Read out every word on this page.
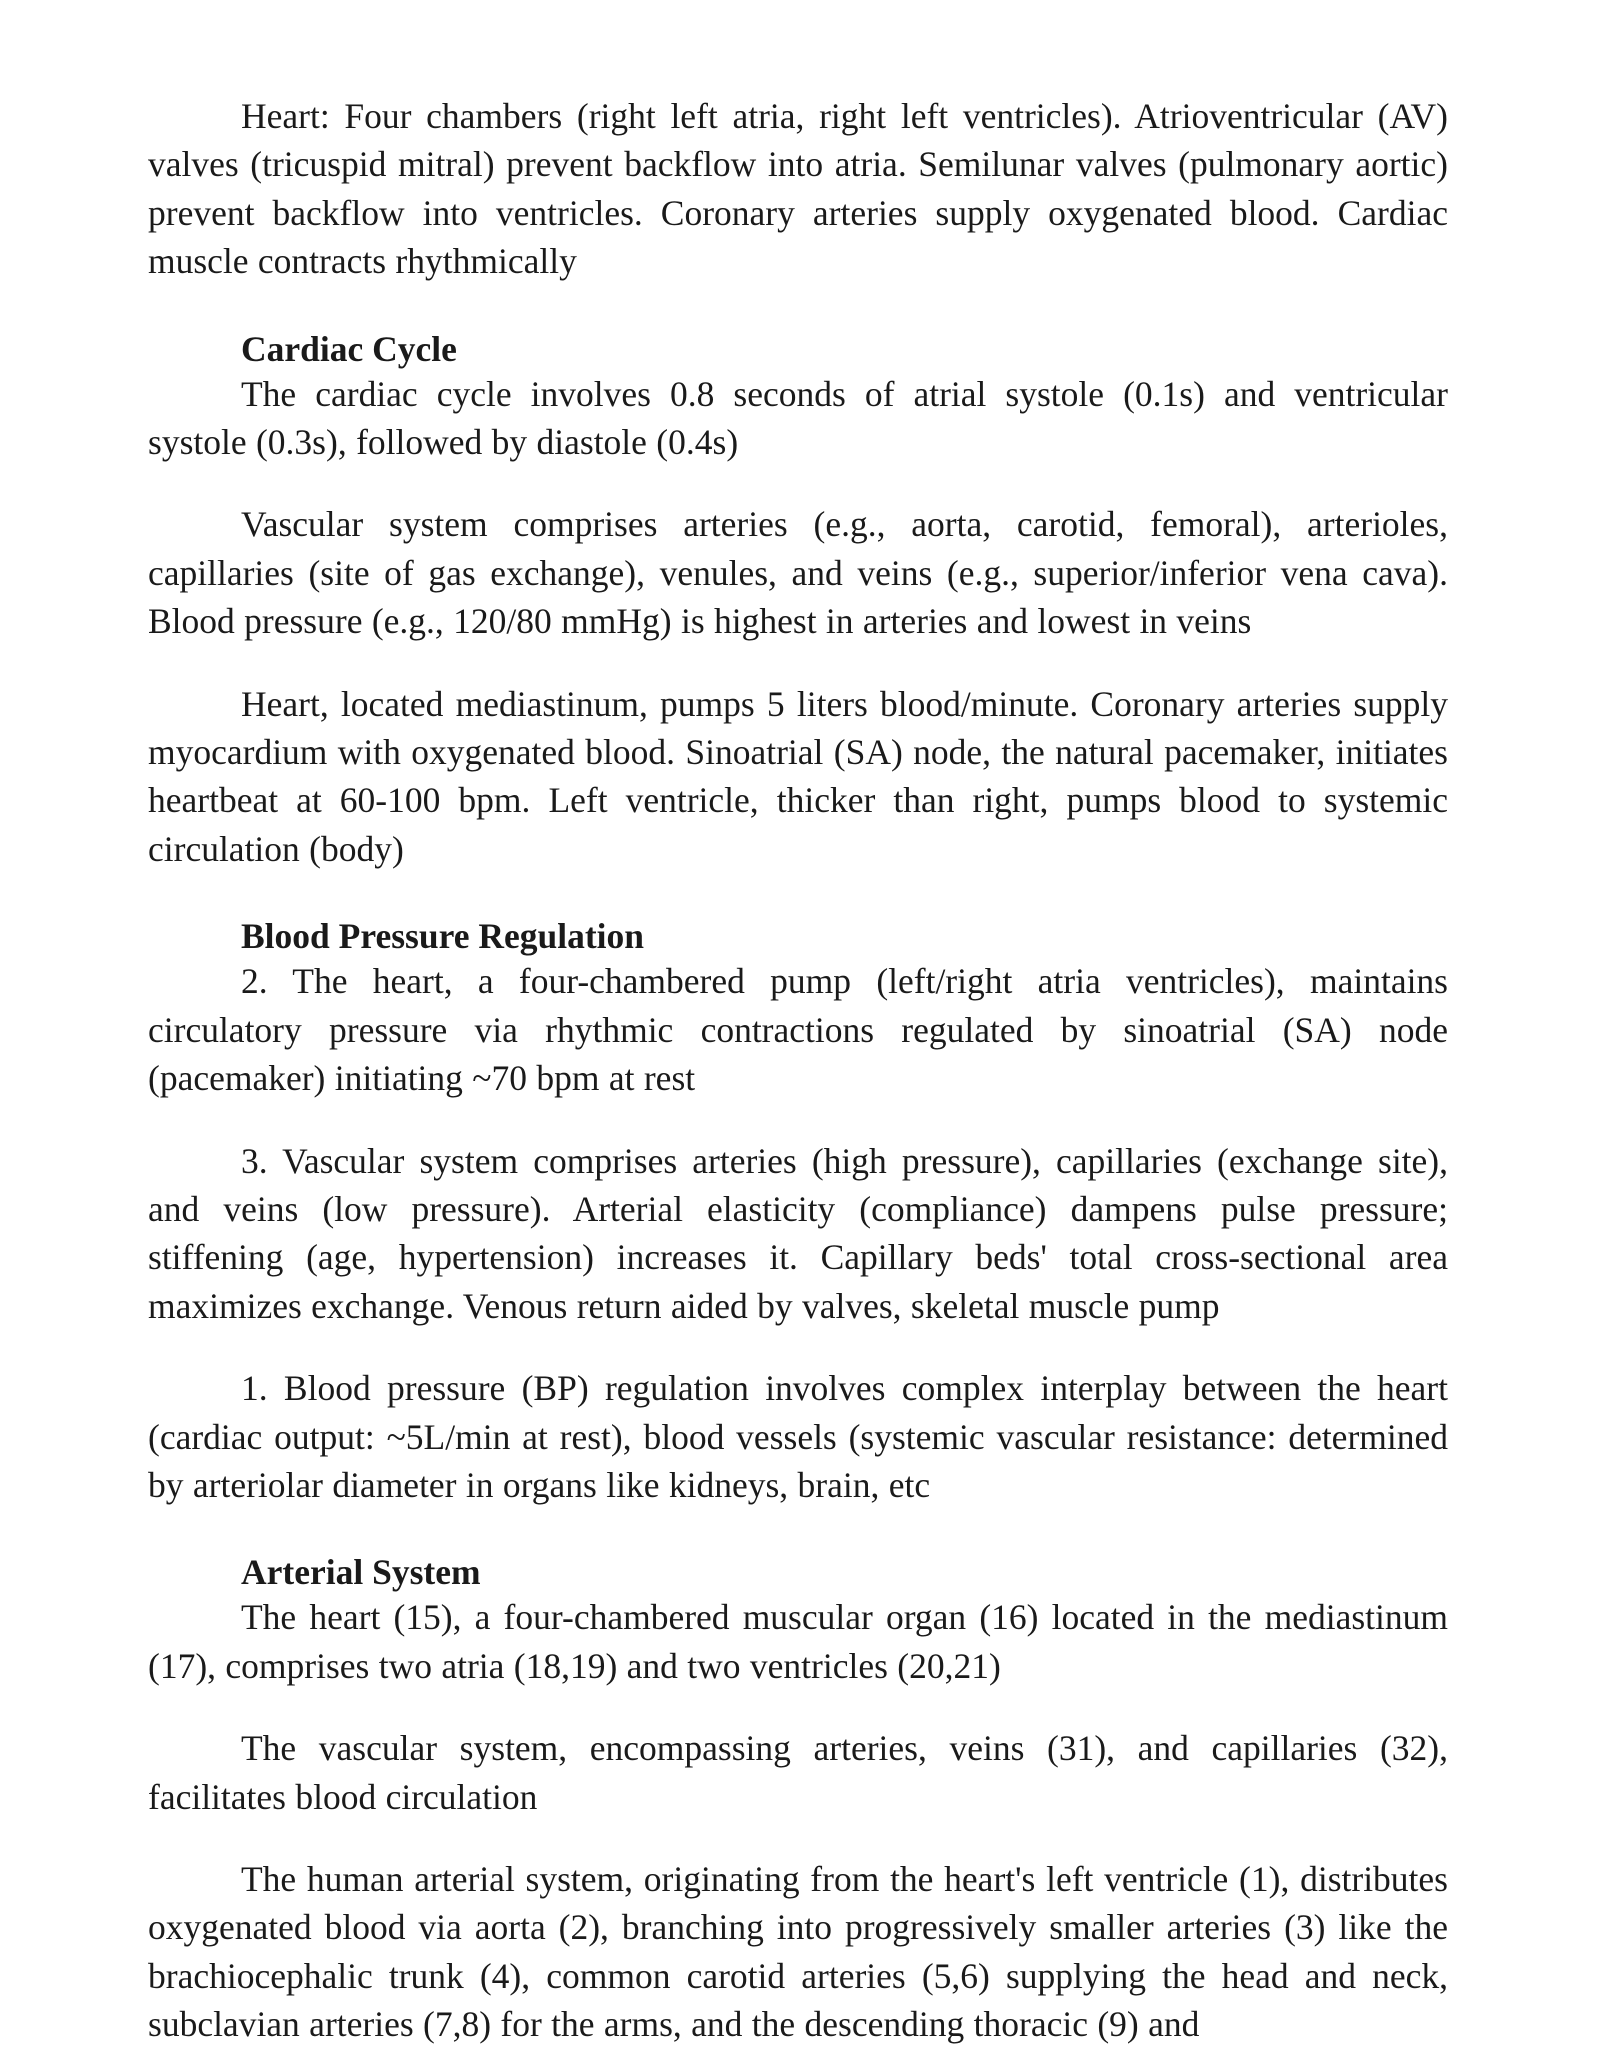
Heart: Four chambers (right left atria, right left ventricles). Atrioventricular (AV) valves (tricuspid mitral) prevent backflow into atria. Semilunar valves (pulmonary aortic) prevent backflow into ventricles. Coronary arteries supply oxygenated blood. Cardiac muscle contracts rhythmically

Cardiac Cycle

The cardiac cycle involves 0.8 seconds of atrial systole (0.1s) and ventricular systole (0.3s), followed by diastole (0.4s)

Vascular system comprises arteries (e.g., aorta, carotid, femoral), arterioles, capillaries (site of gas exchange), venules, and veins (e.g., superior/inferior vena cava). Blood pressure (e.g., 120/80 mmHg) is highest in arteries and lowest in veins

Heart, located mediastinum, pumps 5 liters blood/minute. Coronary arteries supply myocardium with oxygenated blood. Sinoatrial (SA) node, the natural pacemaker, initiates heartbeat at 60-100 bpm. Left ventricle, thicker than right, pumps blood to systemic circulation (body)

Blood Pressure Regulation

2. The heart, a four-chambered pump (left/right atria ventricles), maintains circulatory pressure via rhythmic contractions regulated by sinoatrial (SA) node (pacemaker) initiating ~70 bpm at rest

3. Vascular system comprises arteries (high pressure), capillaries (exchange site), and veins (low pressure). Arterial elasticity (compliance) dampens pulse pressure; stiffening (age, hypertension) increases it. Capillary beds' total cross-sectional area maximizes exchange. Venous return aided by valves, skeletal muscle pump

1. Blood pressure (BP) regulation involves complex interplay between the heart (cardiac output: ~5L/min at rest), blood vessels (systemic vascular resistance: determined by arteriolar diameter in organs like kidneys, brain, etc

Arterial System

The heart (15), a four-chambered muscular organ (16) located in the mediastinum (17), comprises two atria (18,19) and two ventricles (20,21)

The vascular system, encompassing arteries, veins (31), and capillaries (32), facilitates blood circulation

The human arterial system, originating from the heart's left ventricle (1), distributes oxygenated blood via aorta (2), branching into progressively smaller arteries (3) like the brachiocephalic trunk (4), common carotid arteries (5,6) supplying the head and neck, subclavian arteries (7,8) for the arms, and the descending thoracic (9) and
